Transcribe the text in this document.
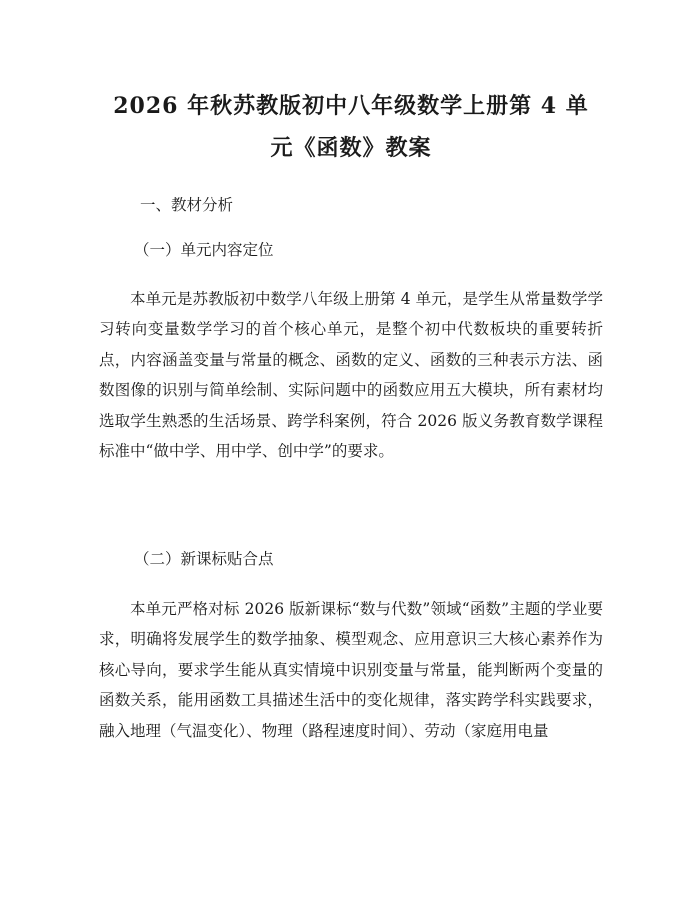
2026 年秋苏教版初中八年级数学上册第 4 单
元《函数》教案

一、教材分析

（一）单元内容定位

本单元是苏教版初中数学八年级上册第 4 单元，是学生从常量数学学习转向变量数学学习的首个核心单元，是整个初中代数板块的重要转折点，内容涵盖变量与常量的概念、函数的定义、函数的三种表示方法、函数图像的识别与简单绘制、实际问题中的函数应用五大模块，所有素材均选取学生熟悉的生活场景、跨学科案例，符合 2026 版义务教育数学课程标准中“做中学、用中学、创中学”的要求。

（二）新课标贴合点

本单元严格对标 2026 版新课标“数与代数”领域“函数”主题的学业要求，明确将发展学生的数学抽象、模型观念、应用意识三大核心素养作为核心导向，要求学生能从真实情境中识别变量与常量，能判断两个变量的函数关系，能用函数工具描述生活中的变化规律，落实跨学科实践要求，融入地理（气温变化）、物理（路程速度时间）、劳动（家庭用电量
